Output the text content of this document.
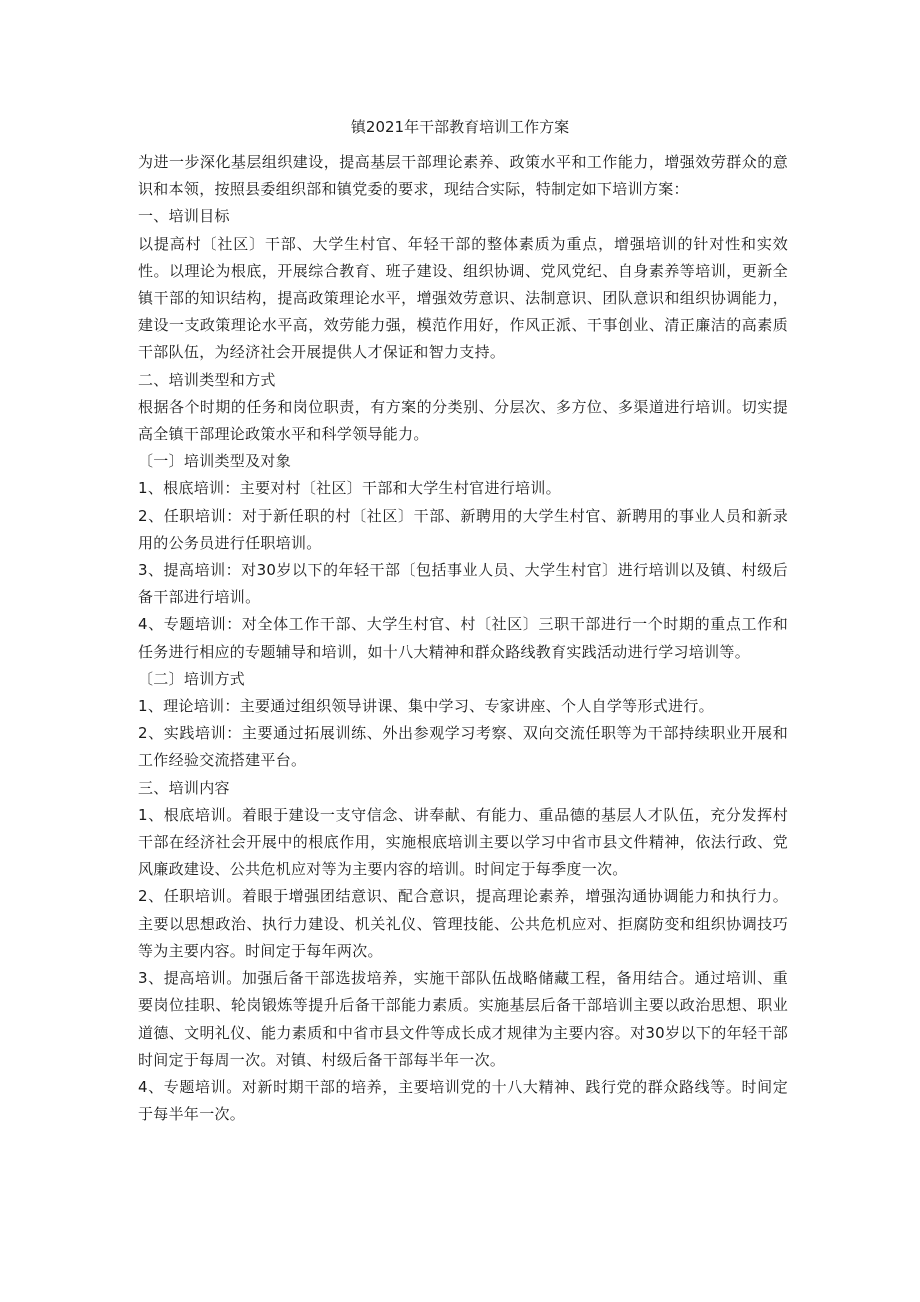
镇2021年干部教育培训工作方案

为进一步深化基层组织建设，提高基层干部理论素养、政策水平和工作能力，增强效劳群众的意识和本领，按照县委组织部和镇党委的要求，现结合实际，特制定如下培训方案：

一、培训目标

以提高村〔社区〕干部、大学生村官、年轻干部的整体素质为重点，增强培训的针对性和实效性。以理论为根底，开展综合教育、班子建设、组织协调、党风党纪、自身素养等培训，更新全镇干部的知识结构，提高政策理论水平，增强效劳意识、法制意识、团队意识和组织协调能力，建设一支政策理论水平高，效劳能力强，模范作用好，作风正派、干事创业、清正廉洁的高素质干部队伍，为经济社会开展提供人才保证和智力支持。

二、培训类型和方式

根据各个时期的任务和岗位职责，有方案的分类别、分层次、多方位、多渠道进行培训。切实提高全镇干部理论政策水平和科学领导能力。

〔一〕培训类型及对象

1、根底培训：主要对村〔社区〕干部和大学生村官进行培训。

2、任职培训：对于新任职的村〔社区〕干部、新聘用的大学生村官、新聘用的事业人员和新录用的公务员进行任职培训。

3、提高培训：对30岁以下的年轻干部〔包括事业人员、大学生村官〕进行培训以及镇、村级后备干部进行培训。

4、专题培训：对全体工作干部、大学生村官、村〔社区〕三职干部进行一个时期的重点工作和任务进行相应的专题辅导和培训，如十八大精神和群众路线教育实践活动进行学习培训等。

〔二〕培训方式

1、理论培训：主要通过组织领导讲课、集中学习、专家讲座、个人自学等形式进行。

2、实践培训：主要通过拓展训练、外出参观学习考察、双向交流任职等为干部持续职业开展和工作经验交流搭建平台。

三、培训内容

1、根底培训。着眼于建设一支守信念、讲奉献、有能力、重品德的基层人才队伍，充分发挥村干部在经济社会开展中的根底作用，实施根底培训主要以学习中省市县文件精神，依法行政、党风廉政建设、公共危机应对等为主要内容的培训。时间定于每季度一次。

2、任职培训。着眼于增强团结意识、配合意识，提高理论素养，增强沟通协调能力和执行力。主要以思想政治、执行力建设、机关礼仪、管理技能、公共危机应对、拒腐防变和组织协调技巧等为主要内容。时间定于每年两次。

3、提高培训。加强后备干部选拔培养，实施干部队伍战略储藏工程，备用结合。通过培训、重要岗位挂职、轮岗锻炼等提升后备干部能力素质。实施基层后备干部培训主要以政治思想、职业道德、文明礼仪、能力素质和中省市县文件等成长成才规律为主要内容。对30岁以下的年轻干部时间定于每周一次。对镇、村级后备干部每半年一次。

4、专题培训。对新时期干部的培养，主要培训党的十八大精神、践行党的群众路线等。时间定于每半年一次。
